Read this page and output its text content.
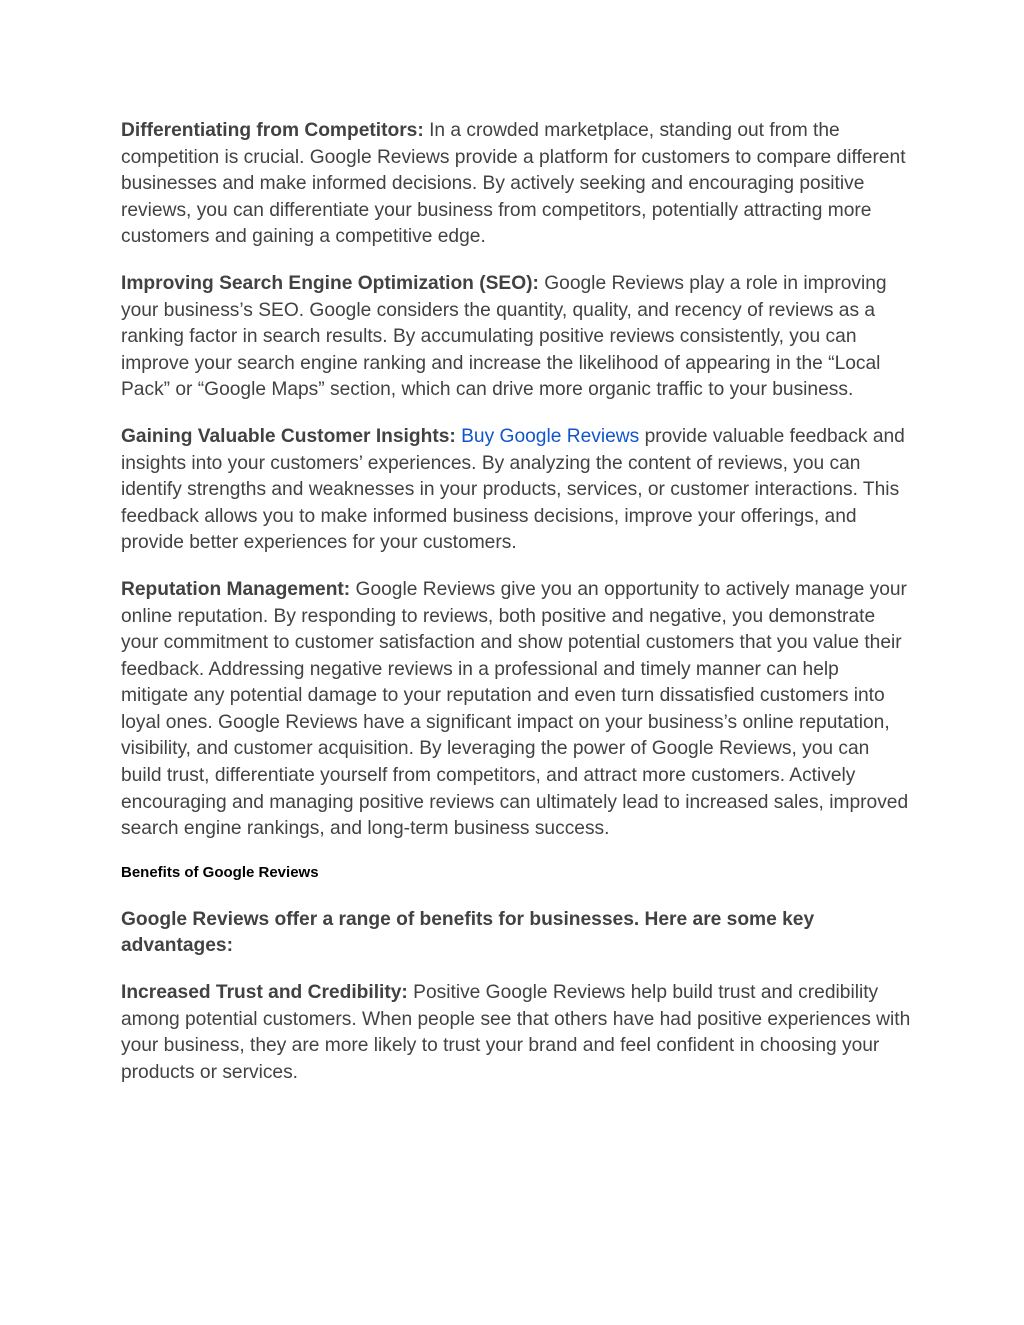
Differentiating from Competitors: In a crowded marketplace, standing out from the competition is crucial. Google Reviews provide a platform for customers to compare different businesses and make informed decisions. By actively seeking and encouraging positive reviews, you can differentiate your business from competitors, potentially attracting more customers and gaining a competitive edge.

Improving Search Engine Optimization (SEO): Google Reviews play a role in improving your business’s SEO. Google considers the quantity, quality, and recency of reviews as a ranking factor in search results. By accumulating positive reviews consistently, you can improve your search engine ranking and increase the likelihood of appearing in the “Local Pack” or “Google Maps” section, which can drive more organic traffic to your business.

Gaining Valuable Customer Insights: Buy Google Reviews provide valuable feedback and insights into your customers’ experiences. By analyzing the content of reviews, you can identify strengths and weaknesses in your products, services, or customer interactions. This feedback allows you to make informed business decisions, improve your offerings, and provide better experiences for your customers.

Reputation Management: Google Reviews give you an opportunity to actively manage your online reputation. By responding to reviews, both positive and negative, you demonstrate your commitment to customer satisfaction and show potential customers that you value their feedback. Addressing negative reviews in a professional and timely manner can help mitigate any potential damage to your reputation and even turn dissatisfied customers into loyal ones. Google Reviews have a significant impact on your business’s online reputation, visibility, and customer acquisition. By leveraging the power of Google Reviews, you can build trust, differentiate yourself from competitors, and attract more customers. Actively encouraging and managing positive reviews can ultimately lead to increased sales, improved search engine rankings, and long-term business success.

Benefits of Google Reviews

Google Reviews offer a range of benefits for businesses. Here are some key advantages:

Increased Trust and Credibility: Positive Google Reviews help build trust and credibility among potential customers. When people see that others have had positive experiences with your business, they are more likely to trust your brand and feel confident in choosing your products or services.
